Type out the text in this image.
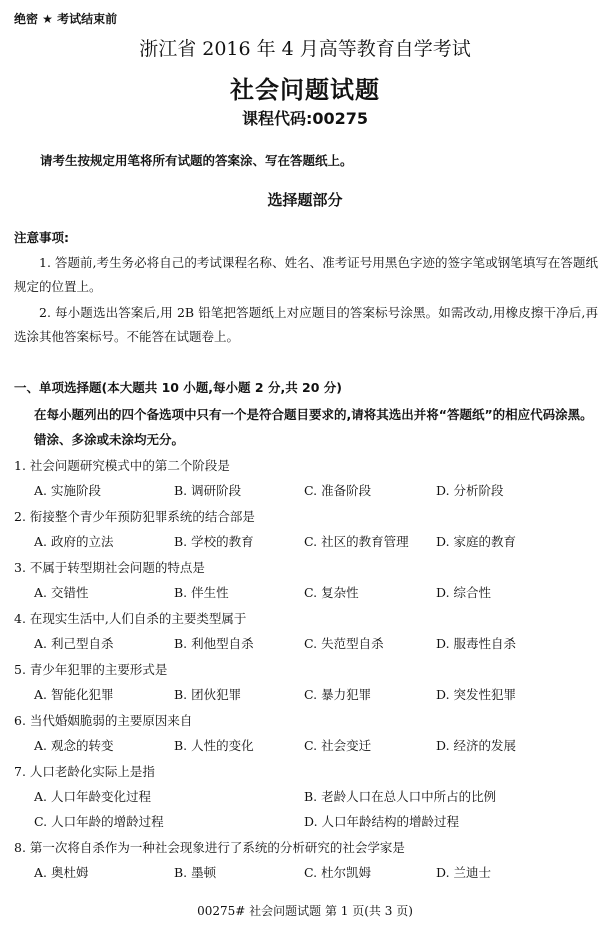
绝密 ★ 考试结束前
浙江省 2016 年 4 月高等教育自学考试
社会问题试题
课程代码:00275
请考生按规定用笔将所有试题的答案涂、写在答题纸上。
选择题部分
注意事项:
1. 答题前,考生务必将自己的考试课程名称、姓名、准考证号用黑色字迹的签字笔或钢笔填写在答题纸规定的位置上。
2. 每小题选出答案后,用 2B 铅笔把答题纸上对应题目的答案标号涂黑。如需改动,用橡皮擦干净后,再选涂其他答案标号。不能答在试题卷上。
一、单项选择题(本大题共 10 小题,每小题 2 分,共 20 分)
在每小题列出的四个备选项中只有一个是符合题目要求的,请将其选出并将“答题纸”的相应代码涂黑。错涂、多涂或未涂均无分。
1. 社会问题研究模式中的第二个阶段是
A. 实施阶段	B. 调研阶段	C. 准备阶段	D. 分析阶段
2. 衔接整个青少年预防犯罪系统的结合部是
A. 政府的立法	B. 学校的教育	C. 社区的教育管理 D. 家庭的教育
3. 不属于转型期社会问题的特点是
A. 交错性	B. 伴生性	C. 复杂性	D. 综合性
4. 在现实生活中,人们自杀的主要类型属于
A. 利己型自杀	B. 利他型自杀	C. 失范型自杀	D. 服毒性自杀
5. 青少年犯罪的主要形式是
A. 智能化犯罪	B. 团伙犯罪	C. 暴力犯罪	D. 突发性犯罪
6. 当代婚姻脆弱的主要原因来自
A. 观念的转变	B. 人性的变化	C. 社会变迁	D. 经济的发展
7. 人口老龄化实际上是指
A. 人口年龄变化过程	B. 老龄人口在总人口中所占的比例
C. 人口年龄的增龄过程	D. 人口年龄结构的增龄过程
8. 第一次将自杀作为一种社会现象进行了系统的分析研究的社会学家是
A. 奥杜姆	B. 墨顿	C. 杜尔凯姆	D. 兰迪士
00275# 社会问题试题 第 1 页(共 3 页)
